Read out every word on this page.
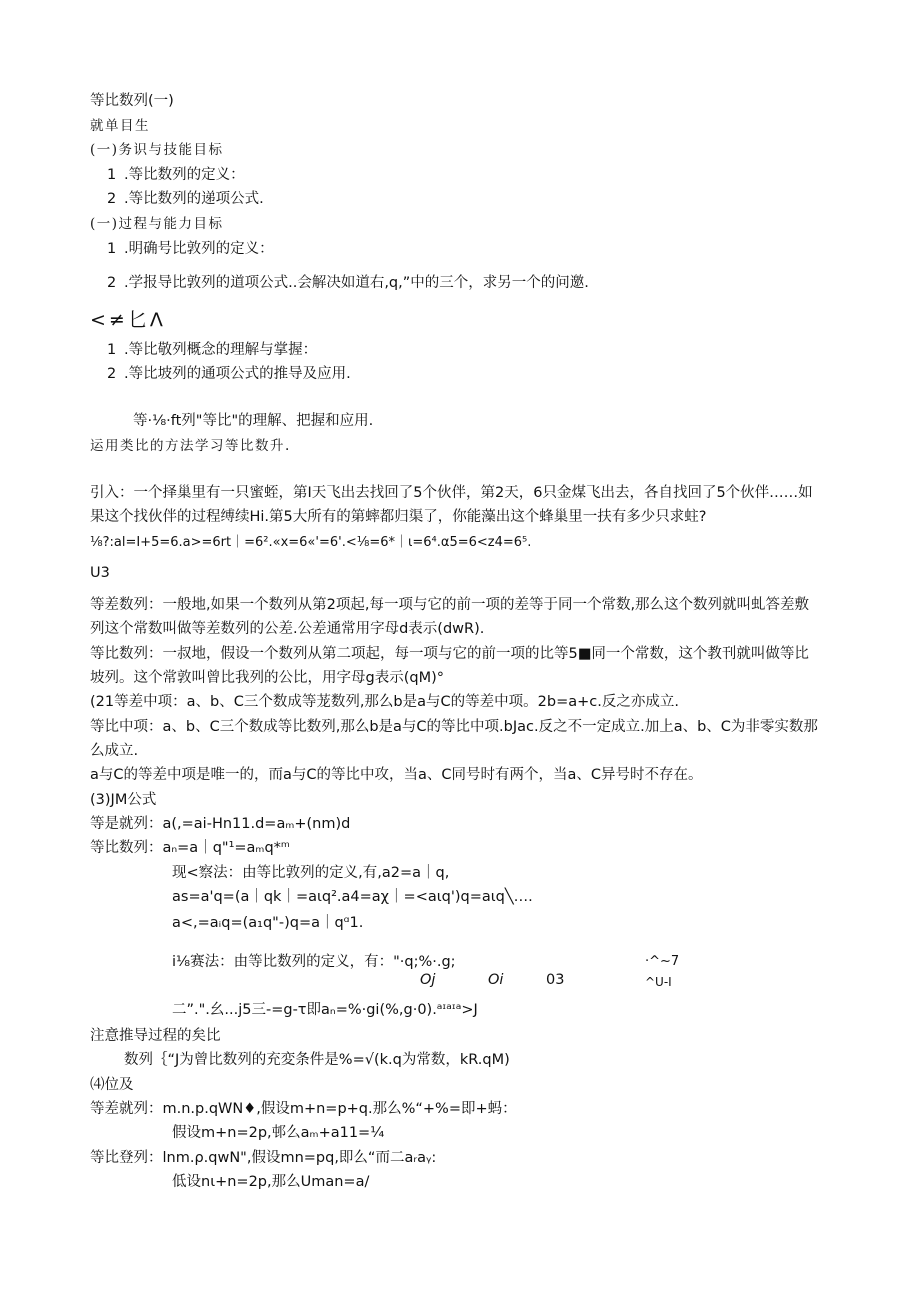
等比数列(一)
就单目生
(一)务识与技能目标
1 .等比数列的定义：
2 .等比数列的递项公式.
(一)过程与能力目标
1 .明确号比敦列的定义：
2 .学报导比敦列的道项公式..会解决如道右,q,”中的三个，求另一个的问邀.
<≠匕Λ
1 .等比敬列概念的理解与掌握：
2 .等比坡列的通项公式的推导及应用.
等·⅛·ft列"等比"的理解、把握和应用.
运用类比的方法学习等比数升.
引入：一个择巢里有一只蜜蛭，第I天飞出去找回了5个伙伴，第2天，6只金煤飞出去，各自找回了5个伙伴……如
果这个找伙伴的过程缚续Hi.第5大所有的第蟀都归渠了，你能藻出这个蜂巢里一扶有多少只求蛀?
⅛?:al=I+5=6.a>=6rt｜=6².«x=6«'=6'.<⅛=6*｜ι=6⁴.α5=6<z4=6⁵.
U3
等差数列：一般地,如果一个数列从第2项起,每一项与它的前一项的差等于同一个常数,那么这个数列就叫虬答差敷
列这个常数叫做等差数列的公差.公差通常用字母d表示(dwR).
等比数列：一叔地，假设一个数列从第二项起，每一项与它的前一项的比等5■同一个常数，这个教刊就叫做等比
坡列。这个常敦叫曾比我列的公比，用字母g表示(qM)°
(21等差中项：a、b、C三个数成等茏数列,那么b是a与C的等差中项。2b=a+c.反之亦成立.
等比中项：a、b、C三个数成等比数列,那么b是a与C的等比中项.bJac.反之不一定成立.加上a、b、C为非零实数那
么成立.
a与C的等差中项是唯一的，而a与C的等比中攻，当a、C同号时有两个，当a、C异号时不存在。
(3)JM公式
等是就列：a(,=ai-Hn11.d=aₘ+(nm)d
等比数列：aₙ=a｜q"¹=aₘq*ᵐ
现<察法：由等比敦列的定义,有,a2=a｜q,
as=a'q=(a｜qk｜=aιq².a4=aχ｜=<aιq')q=aιq╲….
a<,=aᵢq=(a₁q"-)q=a｜qᵅ1.
i⅛赛法：由等比数列的定义，有："·q;%·.g;	·^~7
Oj	Oi	03	^U-I
二”.".幺...j5三-=g-τ即aₙ=%·gi(%,g·0).ᵃᶦᵃᶦᵃ>J
注意推导过程的矣比
数列｛“J为曾比数列的充変条件是%=√(k.q为常数，kR.qM)
⑷位及
等差就列：m.n.p.qWN♦,假设m+n=p+q.那么%“+%=即+蚂：
假设m+n=2p,邨么aₘ+a11=¼
等比登列：lnm.ρ.qwN",假设mn=pq,即么“而二aᵣaᵧ:
低设nι+n=2p,那么Uman=a/
